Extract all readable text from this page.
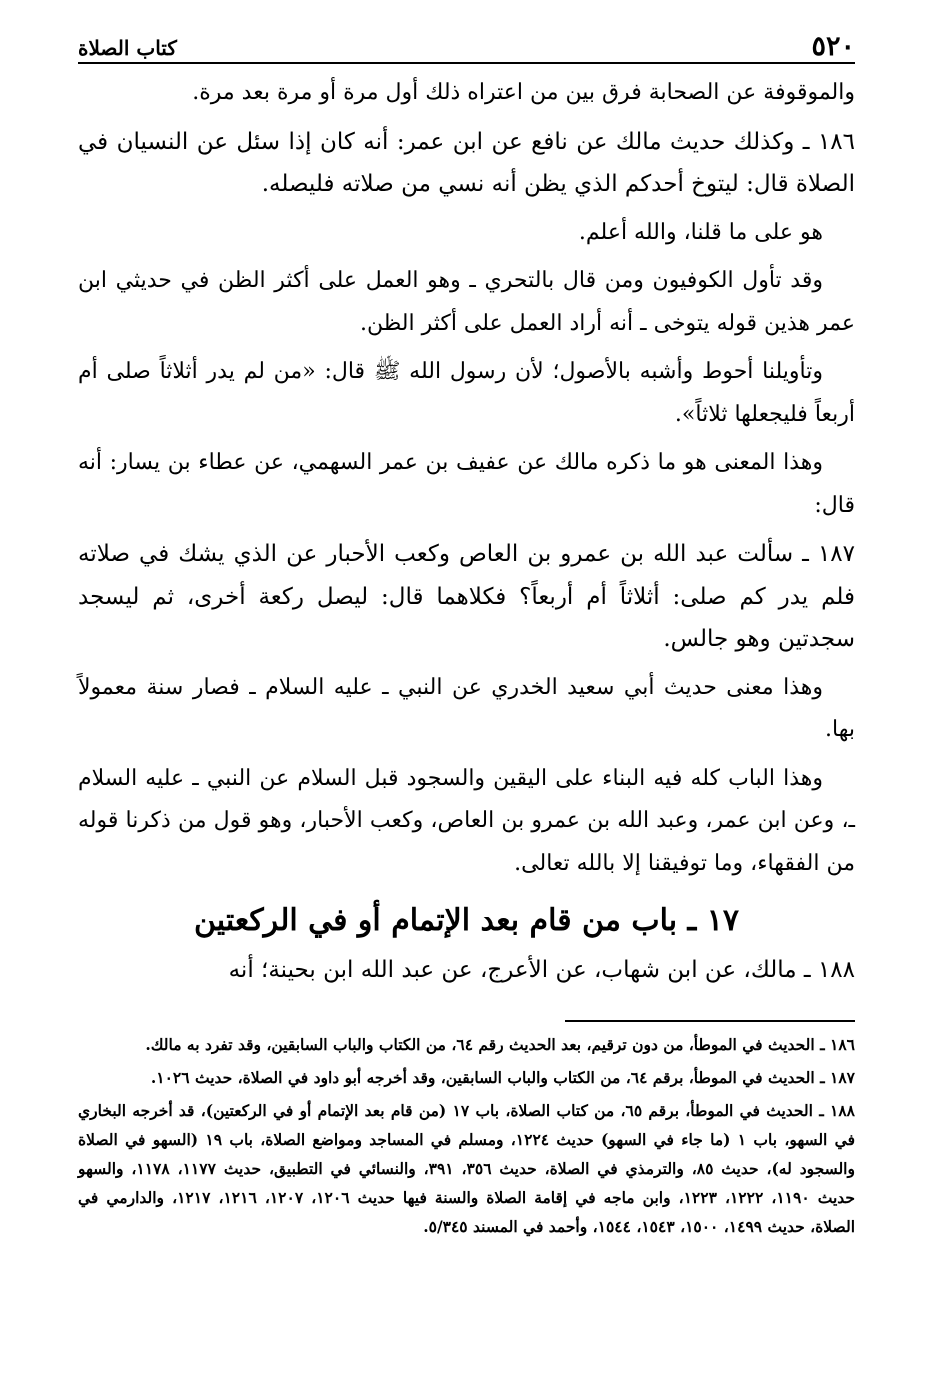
٥٢٠
كتاب الصلاة

والموقوفة عن الصحابة فرق بين من اعتراه ذلك أول مرة أو مرة بعد مرة.

١٨٦ ـ وكذلك حديث مالك عن نافع عن ابن عمر: أنه كان إذا سئل عن النسيان في الصلاة قال: ليتوخ أحدكم الذي يظن أنه نسي من صلاته فليصله.

هو على ما قلنا، والله أعلم.

وقد تأول الكوفيون ومن قال بالتحري ـ وهو العمل على أكثر الظن في حديثي ابن عمر هذين قوله يتوخى ـ أنه أراد العمل على أكثر الظن.

وتأويلنا أحوط وأشبه بالأصول؛ لأن رسول الله ﷺ قال: «من لم يدر أثلاثاً صلى أم أربعاً فليجعلها ثلاثاً».

وهذا المعنى هو ما ذكره مالك عن عفيف بن عمر السهمي، عن عطاء بن يسار: أنه قال:

١٨٧ ـ سألت عبد الله بن عمرو بن العاص وكعب الأحبار عن الذي يشك في صلاته فلم يدر كم صلى: أثلاثاً أم أربعاً؟ فكلاهما قال: ليصل ركعة أخرى، ثم ليسجد سجدتين وهو جالس.

وهذا معنى حديث أبي سعيد الخدري عن النبي ـ عليه السلام ـ فصار سنة معمولاً بها.

وهذا الباب كله فيه البناء على اليقين والسجود قبل السلام عن النبي ـ عليه السلام ـ، وعن ابن عمر، وعبد الله بن عمرو بن العاص، وكعب الأحبار، وهو قول من ذكرنا قوله من الفقهاء، وما توفيقنا إلا بالله تعالى.

١٧ ـ باب من قام بعد الإتمام أو في الركعتين

١٨٨ ـ مالك، عن ابن شهاب، عن الأعرج، عن عبد الله ابن بحينة؛ أنه

١٨٦ ـ الحديث في الموطأ، من دون ترقيم، بعد الحديث رقم ٦٤، من الكتاب والباب السابقين، وقد تفرد به مالك.

١٨٧ ـ الحديث في الموطأ، برقم ٦٤، من الكتاب والباب السابقين، وقد أخرجه أبو داود في الصلاة، حديث ١٠٢٦.

١٨٨ ـ الحديث في الموطأ، برقم ٦٥، من كتاب الصلاة، باب ١٧ (من قام بعد الإتمام أو في الركعتين)، قد أخرجه البخاري في السهو، باب ١ (ما جاء في السهو) حديث ١٢٢٤، ومسلم في المساجد ومواضع الصلاة، باب ١٩ (السهو في الصلاة والسجود له)، حديث ٨٥، والترمذي في الصلاة، حديث ٣٥٦، ٣٩١، والنسائي في التطبيق، حديث ١١٧٧، ١١٧٨، والسهو حديث ١١٩٠، ١٢٢٢، ١٢٢٣، وابن ماجه في إقامة الصلاة والسنة فيها حديث ١٢٠٦، ١٢٠٧، ١٢١٦، ١٢١٧، والدارمي في الصلاة، حديث ١٤٩٩، ١٥٠٠، ١٥٤٣، ١٥٤٤، وأحمد في المسند ٥/٣٤٥.
